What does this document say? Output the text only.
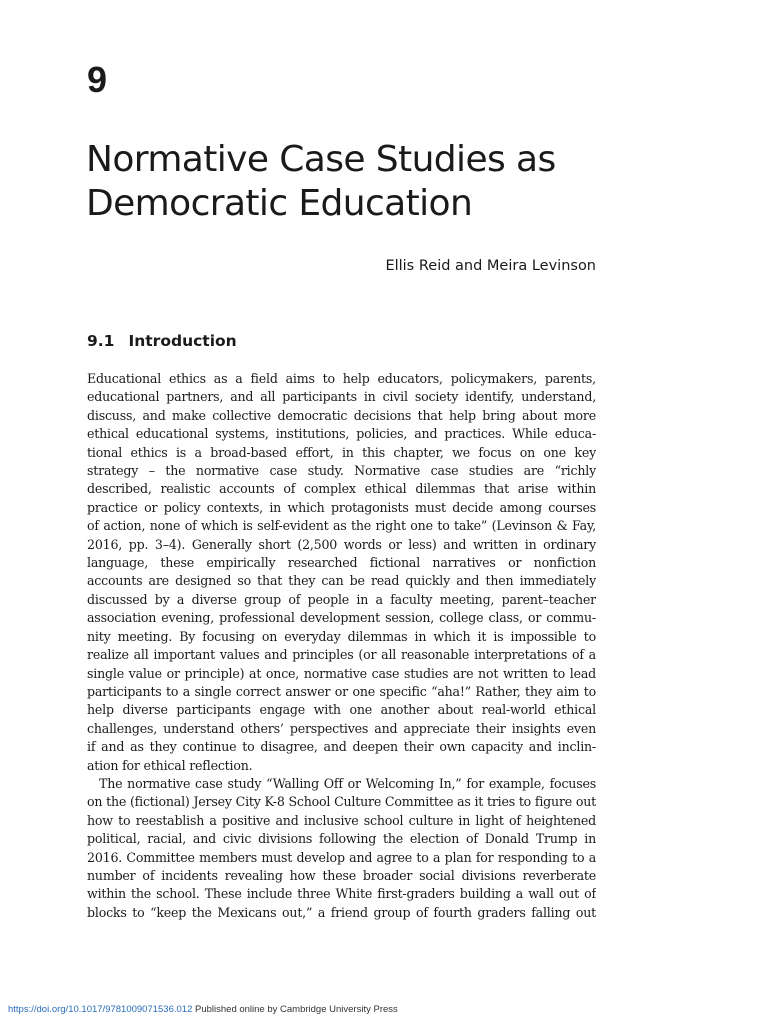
9
Normative Case Studies as
Democratic Education
Ellis Reid and Meira Levinson
9.1 Introduction
Educational ethics as a field aims to help educators, policymakers, parents,
educational partners, and all participants in civil society identify, understand,
discuss, and make collective democratic decisions that help bring about more
ethical educational systems, institutions, policies, and practices. While educa-
tional ethics is a broad-based effort, in this chapter, we focus on one key
strategy – the normative case study. Normative case studies are “richly
described, realistic accounts of complex ethical dilemmas that arise within
practice or policy contexts, in which protagonists must decide among courses
of action, none of which is self-evident as the right one to take” (Levinson & Fay,
2016, pp. 3–4). Generally short (2,500 words or less) and written in ordinary
language, these empirically researched fictional narratives or nonfiction
accounts are designed so that they can be read quickly and then immediately
discussed by a diverse group of people in a faculty meeting, parent–teacher
association evening, professional development session, college class, or commu-
nity meeting. By focusing on everyday dilemmas in which it is impossible to
realize all important values and principles (or all reasonable interpretations of a
single value or principle) at once, normative case studies are not written to lead
participants to a single correct answer or one specific “aha!” Rather, they aim to
help diverse participants engage with one another about real-world ethical
challenges, understand others’ perspectives and appreciate their insights even
if and as they continue to disagree, and deepen their own capacity and inclin-
ation for ethical reflection.
The normative case study “Walling Off or Welcoming In,” for example, focuses
on the (fictional) Jersey City K-8 School Culture Committee as it tries to figure out
how to reestablish a positive and inclusive school culture in light of heightened
political, racial, and civic divisions following the election of Donald Trump in
2016. Committee members must develop and agree to a plan for responding to a
number of incidents revealing how these broader social divisions reverberate
within the school. These include three White first-graders building a wall out of
blocks to “keep the Mexicans out,” a friend group of fourth graders falling out
https://doi.org/10.1017/9781009071536.012 Published online by Cambridge University Press
